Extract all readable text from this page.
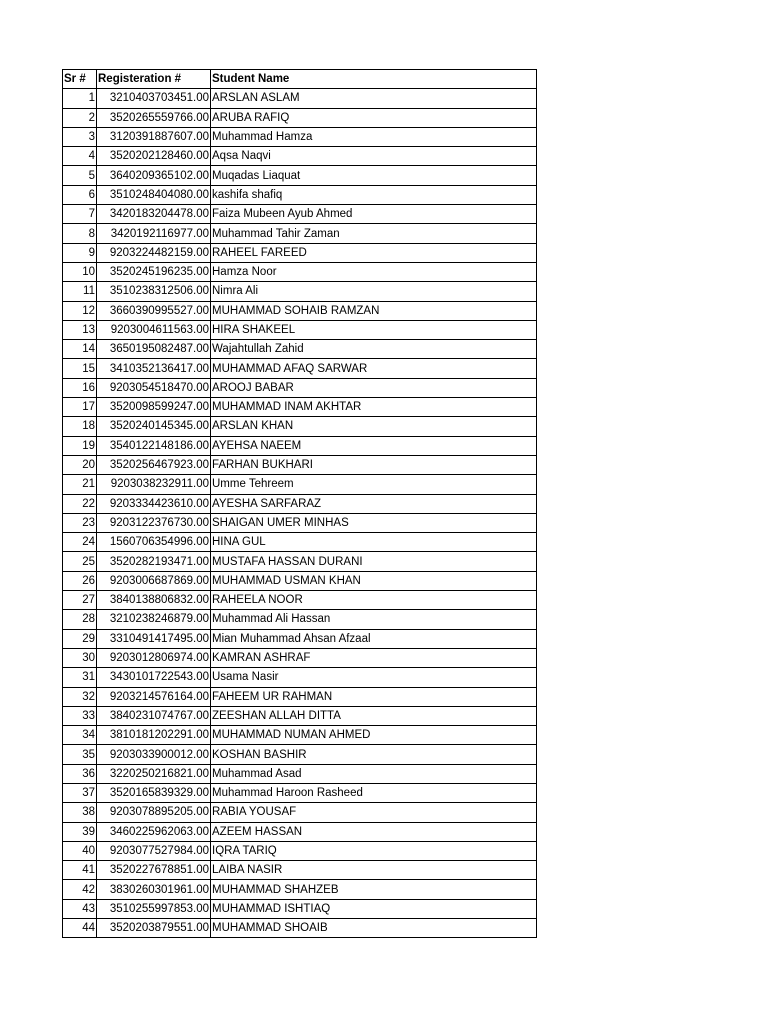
Sr #	Registeration #	Student Name
1	3210403703451.00	ARSLAN ASLAM
2	3520265559766.00	ARUBA RAFIQ
3	3120391887607.00	Muhammad Hamza
4	3520202128460.00	Aqsa Naqvi
5	3640209365102.00	Muqadas Liaquat
6	3510248404080.00	kashifa shafiq
7	3420183204478.00	Faiza Mubeen Ayub Ahmed
8	3420192116977.00	Muhammad Tahir Zaman
9	9203224482159.00	RAHEEL FAREED
10	3520245196235.00	Hamza Noor
11	3510238312506.00	Nimra Ali
12	3660390995527.00	MUHAMMAD SOHAIB RAMZAN
13	9203004611563.00	HIRA SHAKEEL
14	3650195082487.00	Wajahtullah Zahid
15	3410352136417.00	MUHAMMAD AFAQ SARWAR
16	9203054518470.00	AROOJ BABAR
17	3520098599247.00	MUHAMMAD INAM AKHTAR
18	3520240145345.00	ARSLAN KHAN
19	3540122148186.00	AYEHSA NAEEM
20	3520256467923.00	FARHAN BUKHARI
21	9203038232911.00	Umme Tehreem
22	9203334423610.00	AYESHA SARFARAZ
23	9203122376730.00	SHAIGAN UMER MINHAS
24	1560706354996.00	HINA GUL
25	3520282193471.00	MUSTAFA HASSAN DURANI
26	9203006687869.00	MUHAMMAD USMAN KHAN
27	3840138806832.00	RAHEELA NOOR
28	3210238246879.00	Muhammad Ali Hassan
29	3310491417495.00	Mian Muhammad Ahsan Afzaal
30	9203012806974.00	KAMRAN ASHRAF
31	3430101722543.00	Usama Nasir
32	9203214576164.00	FAHEEM UR RAHMAN
33	3840231074767.00	ZEESHAN ALLAH DITTA
34	3810181202291.00	MUHAMMAD NUMAN AHMED
35	9203033900012.00	KOSHAN BASHIR
36	3220250216821.00	Muhammad Asad
37	3520165839329.00	Muhammad Haroon Rasheed
38	9203078895205.00	RABIA YOUSAF
39	3460225962063.00	AZEEM HASSAN
40	9203077527984.00	IQRA TARIQ
41	3520227678851.00	LAIBA NASIR
42	3830260301961.00	MUHAMMAD SHAHZEB
43	3510255997853.00	MUHAMMAD ISHTIAQ
44	3520203879551.00	MUHAMMAD SHOAIB
